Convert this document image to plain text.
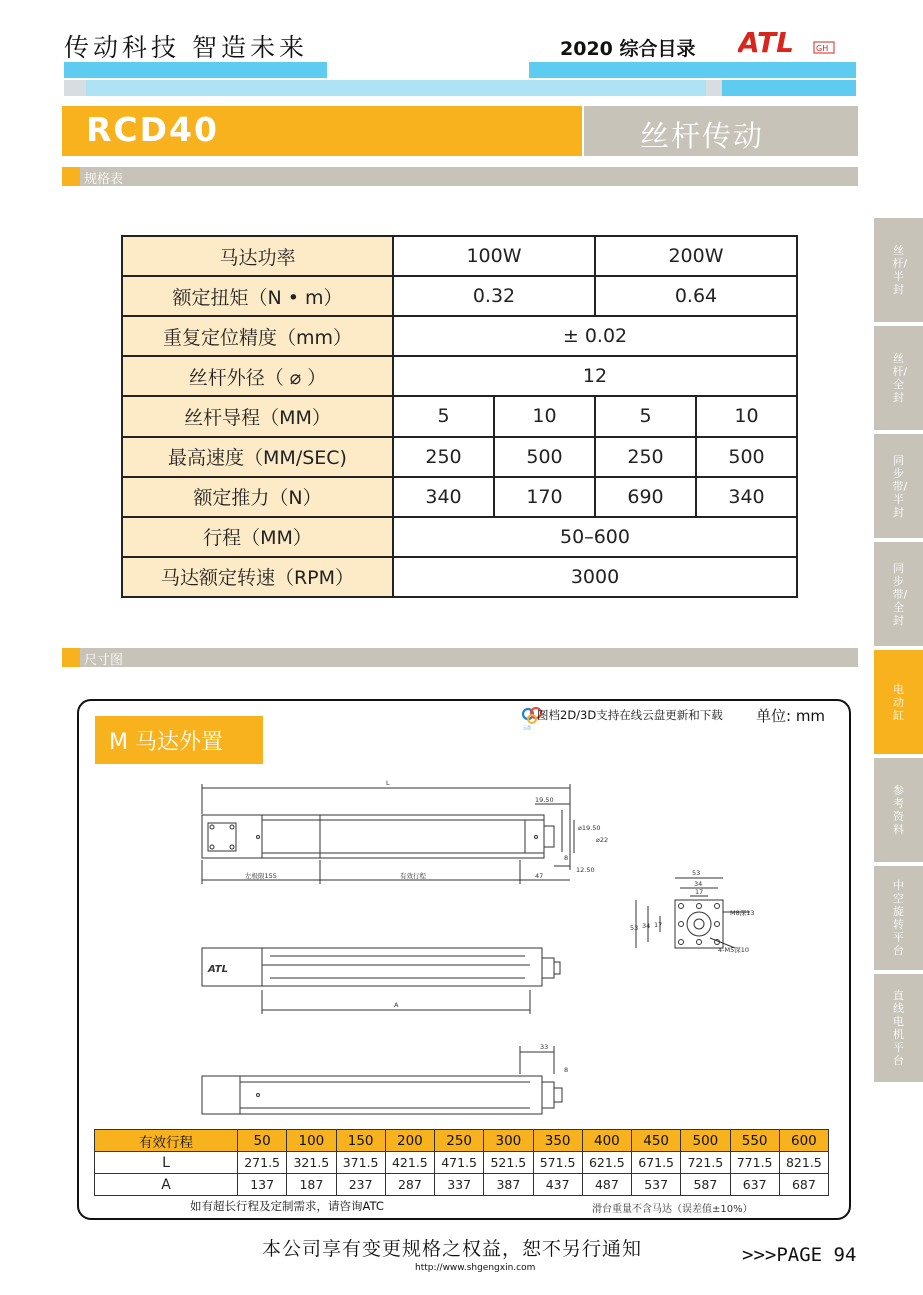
传动科技 智造未来	2020 综合目录 ATL	GH
RCD40	丝杆传动
规格表
马达功率	100W		200W	
额定扭矩（N • m）	0.32		0.64	
重复定位精度（mm）	± 0.02			
丝杆外径（ ⌀ ）	12			
丝杆导程（MM）	5	10	5	10
最高速度（MM/SEC)	250	500	250	500
额定推力（N）	340	170	690	340
行程（MM）	50–600			
马达额定转速（RPM）	3000			
丝杆/半封
丝杆/全封
同步带/半封
同步带/全封
电动缸
参考资料
中空旋转平台
直线电机平台
尺寸图
M 马达外置
云盘
图档2D/3D支持在线云盘更新和下载 单位: mm
ATL
L
19.50
⌀19.50
⌀22
8
12.50
左极限155	有效行程	47
A
33
8
53
34
17
53 34 17
M8深13
4-M5深10
有效行程	50	100	150	200	250	300	350	400	450	500	550	600
L	271.5	321.5	371.5	421.5	471.5	521.5	571.5	621.5	671.5	721.5	771.5	821.5
A	137	187	237	287	337	387	437	487	537	587	637	687
如有超长行程及定制需求，请咨询ATC	滑台重量不含马达（误差值±10%）
本公司享有变更规格之权益，恕不另行通知	>>>PAGE 94
http://www.shgengxin.com
